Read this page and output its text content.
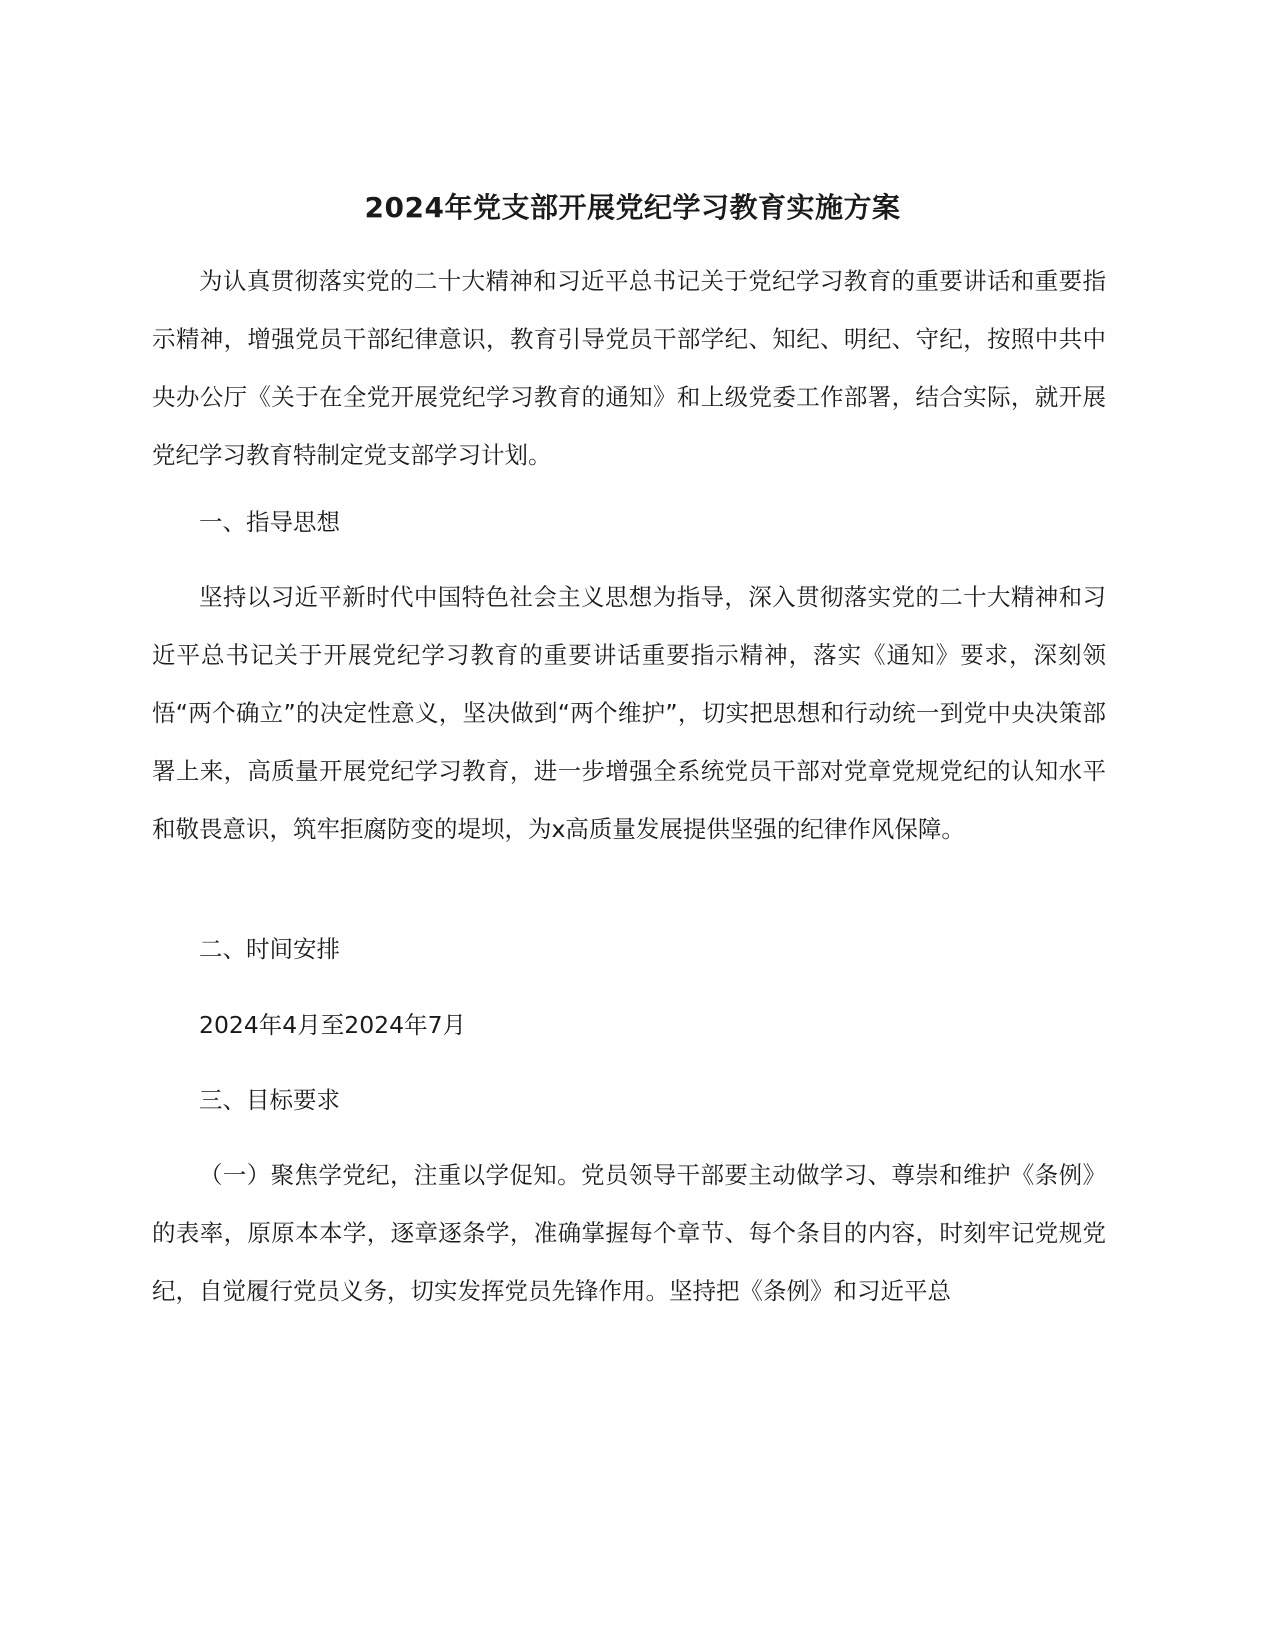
2024年党支部开展党纪学习教育实施方案

为认真贯彻落实党的二十大精神和习近平总书记关于党纪学习教育的重要讲话和重要指示精神，增强党员干部纪律意识，教育引导党员干部学纪、知纪、明纪、守纪，按照中共中央办公厅《关于在全党开展党纪学习教育的通知》和上级党委工作部署，结合实际，就开展党纪学习教育特制定党支部学习计划。

一、指导思想

坚持以习近平新时代中国特色社会主义思想为指导，深入贯彻落实党的二十大精神和习近平总书记关于开展党纪学习教育的重要讲话重要指示精神，落实《通知》要求，深刻领悟“两个确立”的决定性意义，坚决做到“两个维护”，切实把思想和行动统一到党中央决策部署上来，高质量开展党纪学习教育，进一步增强全系统党员干部对党章党规党纪的认知水平和敬畏意识，筑牢拒腐防变的堤坝，为x高质量发展提供坚强的纪律作风保障。

二、时间安排

2024年4月至2024年7月

三、目标要求

（一）聚焦学党纪，注重以学促知。党员领导干部要主动做学习、尊崇和维护《条例》的表率，原原本本学，逐章逐条学，准确掌握每个章节、每个条目的内容，时刻牢记党规党纪，自觉履行党员义务，切实发挥党员先锋作用。坚持把《条例》和习近平总
